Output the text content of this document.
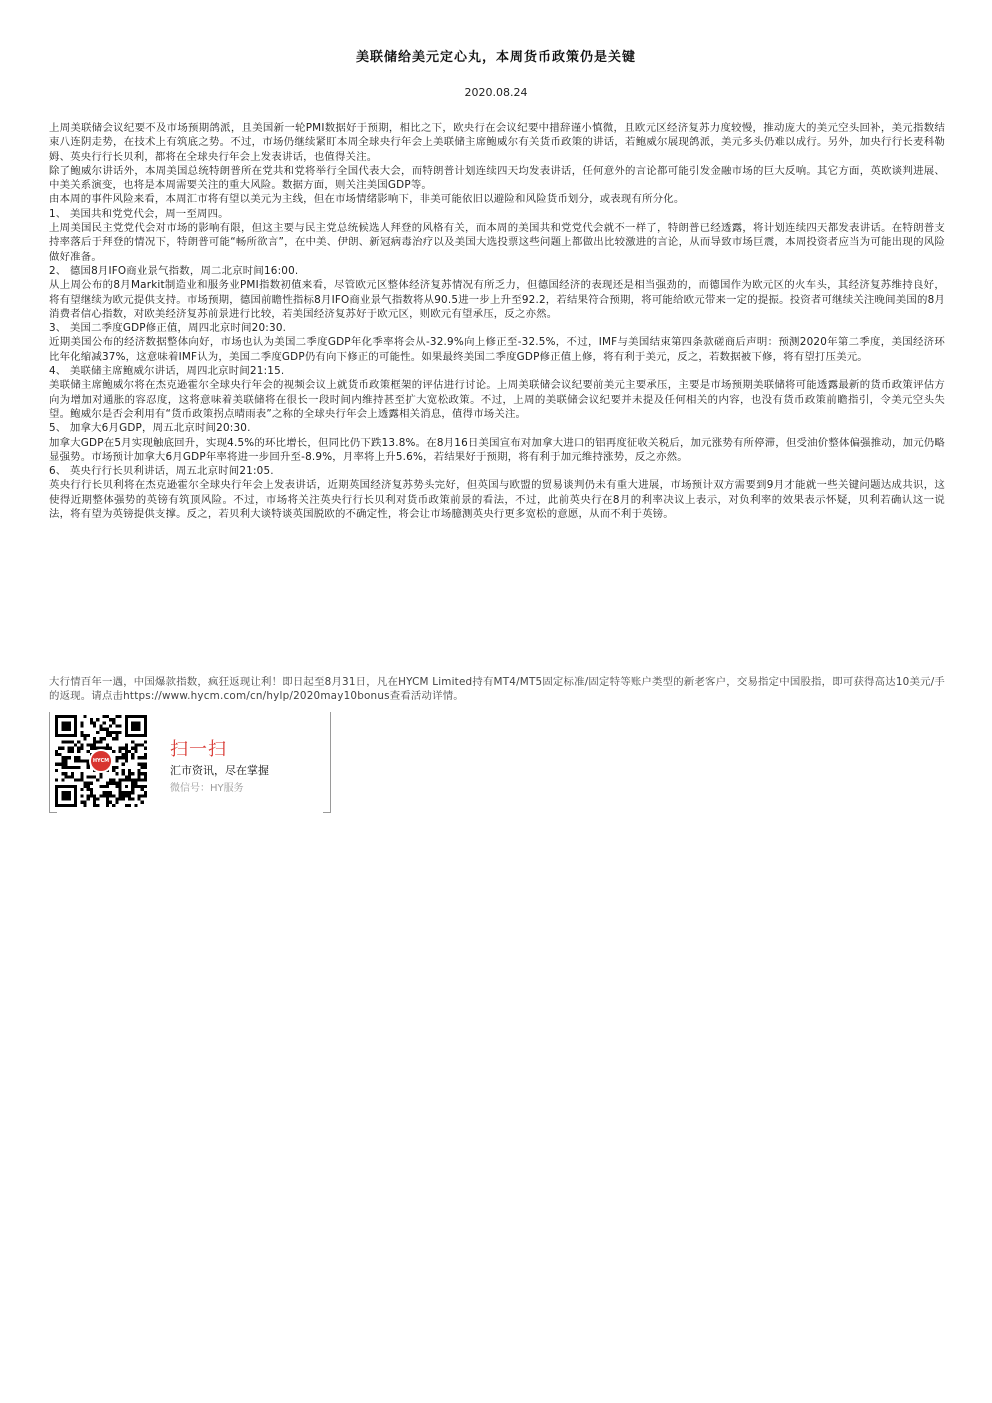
美联储给美元定心丸，本周货币政策仍是关键
2020.08.24

上周美联储会议纪要不及市场预期鸽派，且美国新一轮PMI数据好于预期，相比之下，欧央行在会议纪要中措辞谨小慎微，且欧元区经济复苏力度较慢，推动庞大的美元空头回补，美元指数结束八连阴走势，在技术上有筑底之势。不过，市场仍继续紧盯本周全球央行年会上美联储主席鲍威尔有关货币政策的讲话，若鲍威尔展现鸽派，美元多头仍难以成行。另外，加央行行长麦科勒姆、英央行行长贝利，都将在全球央行年会上发表讲话，也值得关注。

除了鲍威尔讲话外，本周美国总统特朗普所在党共和党将举行全国代表大会，而特朗普计划连续四天均发表讲话，任何意外的言论都可能引发金融市场的巨大反响。其它方面，英欧谈判进展、中美关系演变，也将是本周需要关注的重大风险。数据方面，则关注美国GDP等。

由本周的事件风险来看，本周汇市将有望以美元为主线，但在市场情绪影响下，非美可能依旧以避险和风险货币划分，或表现有所分化。

1、 美国共和党党代会，周一至周四。

上周美国民主党党代会对市场的影响有限，但这主要与民主党总统候选人拜登的风格有关，而本周的美国共和党党代会就不一样了，特朗普已经透露，将计划连续四天都发表讲话。在特朗普支持率落后于拜登的情况下，特朗普可能“畅所欲言”，在中美、伊朗、新冠病毒治疗以及美国大选投票这些问题上都做出比较激进的言论，从而导致市场巨震，本周投资者应当为可能出现的风险做好准备。

2、 德国8月IFO商业景气指数，周二北京时间16:00.

从上周公布的8月Markit制造业和服务业PMI指数初值来看，尽管欧元区整体经济复苏情况有所乏力，但德国经济的表现还是相当强劲的，而德国作为欧元区的火车头，其经济复苏维持良好，将有望继续为欧元提供支持。市场预期，德国前瞻性指标8月IFO商业景气指数将从90.5进一步上升至92.2，若结果符合预期，将可能给欧元带来一定的提振。投资者可继续关注晚间美国的8月消费者信心指数，对欧美经济复苏前景进行比较，若美国经济复苏好于欧元区，则欧元有望承压，反之亦然。

3、 美国二季度GDP修正值，周四北京时间20:30.

近期美国公布的经济数据整体向好，市场也认为美国二季度GDP年化季率将会从-32.9%向上修正至-32.5%，不过，IMF与美国结束第四条款磋商后声明：预测2020年第二季度，美国经济环比年化缩减37%，这意味着IMF认为，美国二季度GDP仍有向下修正的可能性。如果最终美国二季度GDP修正值上修，将有利于美元，反之，若数据被下修，将有望打压美元。

4、 美联储主席鲍威尔讲话，周四北京时间21:15.

美联储主席鲍威尔将在杰克逊霍尔全球央行年会的视频会议上就货币政策框架的评估进行讨论。上周美联储会议纪要前美元主要承压，主要是市场预期美联储将可能透露最新的货币政策评估方向为增加对通胀的容忍度，这将意味着美联储将在很长一段时间内维持甚至扩大宽松政策。不过，上周的美联储会议纪要并未提及任何相关的内容，也没有货币政策前瞻指引，令美元空头失望。鲍威尔是否会利用有“货币政策拐点晴雨表”之称的全球央行年会上透露相关消息，值得市场关注。

5、 加拿大6月GDP，周五北京时间20:30.

加拿大GDP在5月实现触底回升，实现4.5%的环比增长，但同比仍下跌13.8%。在8月16日美国宣布对加拿大进口的铝再度征收关税后，加元涨势有所停滞，但受油价整体偏强推动，加元仍略显强势。市场预计加拿大6月GDP年率将进一步回升至-8.9%，月率将上升5.6%，若结果好于预期，将有利于加元维持涨势，反之亦然。

6、 英央行行长贝利讲话，周五北京时间21:05.

英央行行长贝利将在杰克逊霍尔全球央行年会上发表讲话，近期英国经济复苏势头完好，但英国与欧盟的贸易谈判仍未有重大进展，市场预计双方需要到9月才能就一些关键问题达成共识，这使得近期整体强势的英镑有筑顶风险。不过，市场将关注英央行行长贝利对货币政策前景的看法，不过，此前英央行在8月的利率决议上表示，对负利率的效果表示怀疑，贝利若确认这一说法，将有望为英镑提供支撑。反之，若贝利大谈特谈英国脱欧的不确定性，将会让市场臆测英央行更多宽松的意愿，从而不利于英镑。

大行情百年一遇，中国爆款指数，疯狂返现让利！即日起至8月31日，凡在HYCM Limited持有MT4/MT5固定标准/固定特等账户类型的新老客户，交易指定中国股指，即可获得高达10美元/手的返现。请点击https://www.hycm.com/cn/hylp/2020may10bonus查看活动详情。
HYCM
扫一扫
汇市资讯，尽在掌握
微信号：HY服务
